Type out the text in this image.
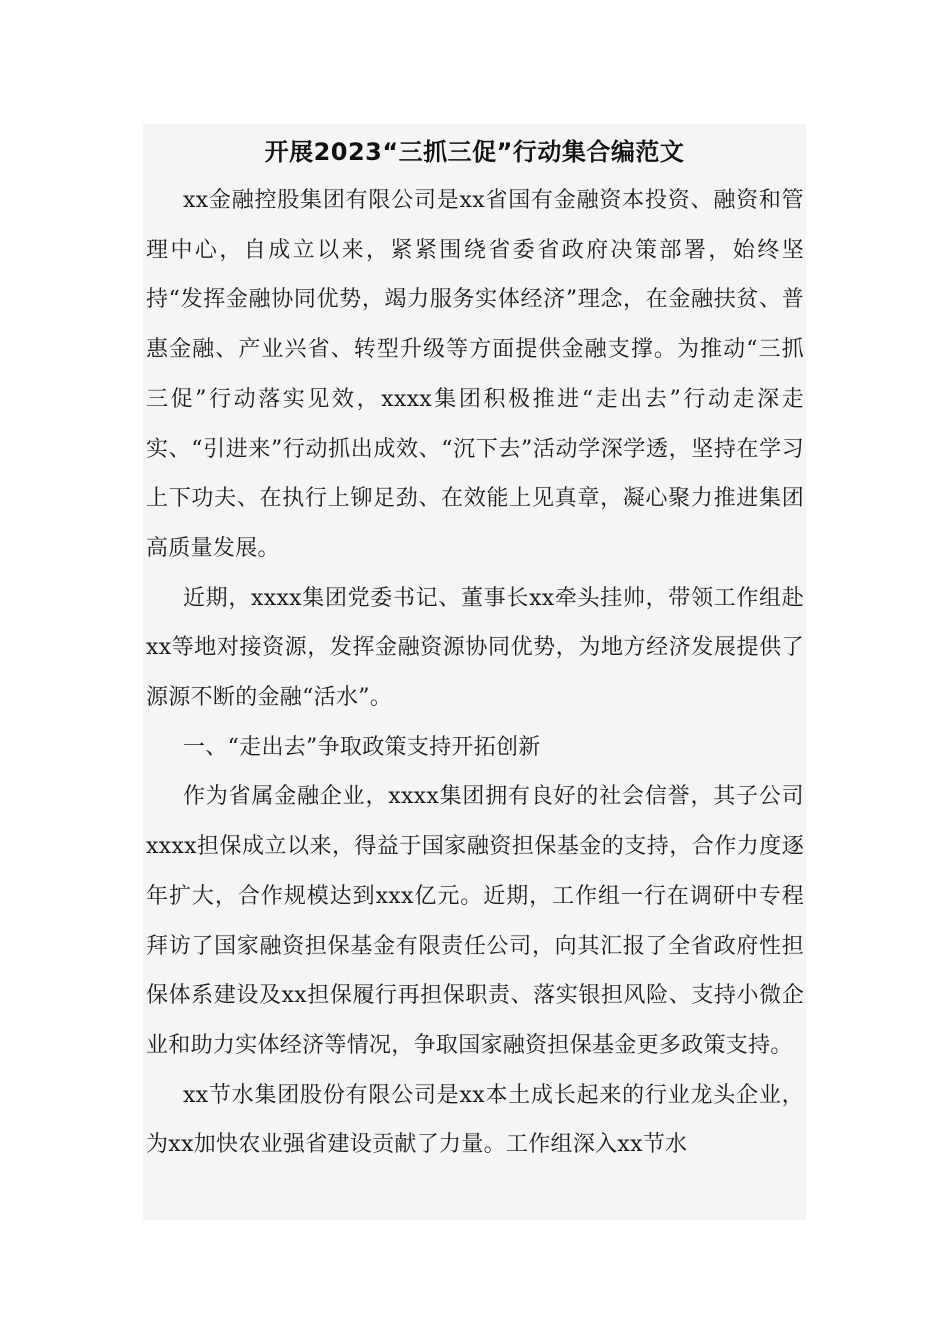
开展2023“三抓三促”行动集合编范文

xx金融控股集团有限公司是xx省国有金融资本投资、融资和管理中心，自成立以来，紧紧围绕省委省政府决策部署，始终坚持“发挥金融协同优势，竭力服务实体经济”理念，在金融扶贫、普惠金融、产业兴省、转型升级等方面提供金融支撑。为推动“三抓三促”行动落实见效，xxxx集团积极推进“走出去”行动走深走实、“引进来”行动抓出成效、“沉下去”活动学深学透，坚持在学习上下功夫、在执行上铆足劲、在效能上见真章，凝心聚力推进集团高质量发展。

近期，xxxx集团党委书记、董事长xx牵头挂帅，带领工作组赴xx等地对接资源，发挥金融资源协同优势，为地方经济发展提供了源源不断的金融“活水”。

一、“走出去”争取政策支持开拓创新

作为省属金融企业，xxxx集团拥有良好的社会信誉，其子公司xxxx担保成立以来，得益于国家融资担保基金的支持，合作力度逐年扩大，合作规模达到xxx亿元。近期，工作组一行在调研中专程拜访了国家融资担保基金有限责任公司，向其汇报了全省政府性担保体系建设及xx担保履行再担保职责、落实银担风险、支持小微企业和助力实体经济等情况，争取国家融资担保基金更多政策支持。

xx节水集团股份有限公司是xx本土成长起来的行业龙头企业，为xx加快农业强省建设贡献了力量。工作组深入xx节水
